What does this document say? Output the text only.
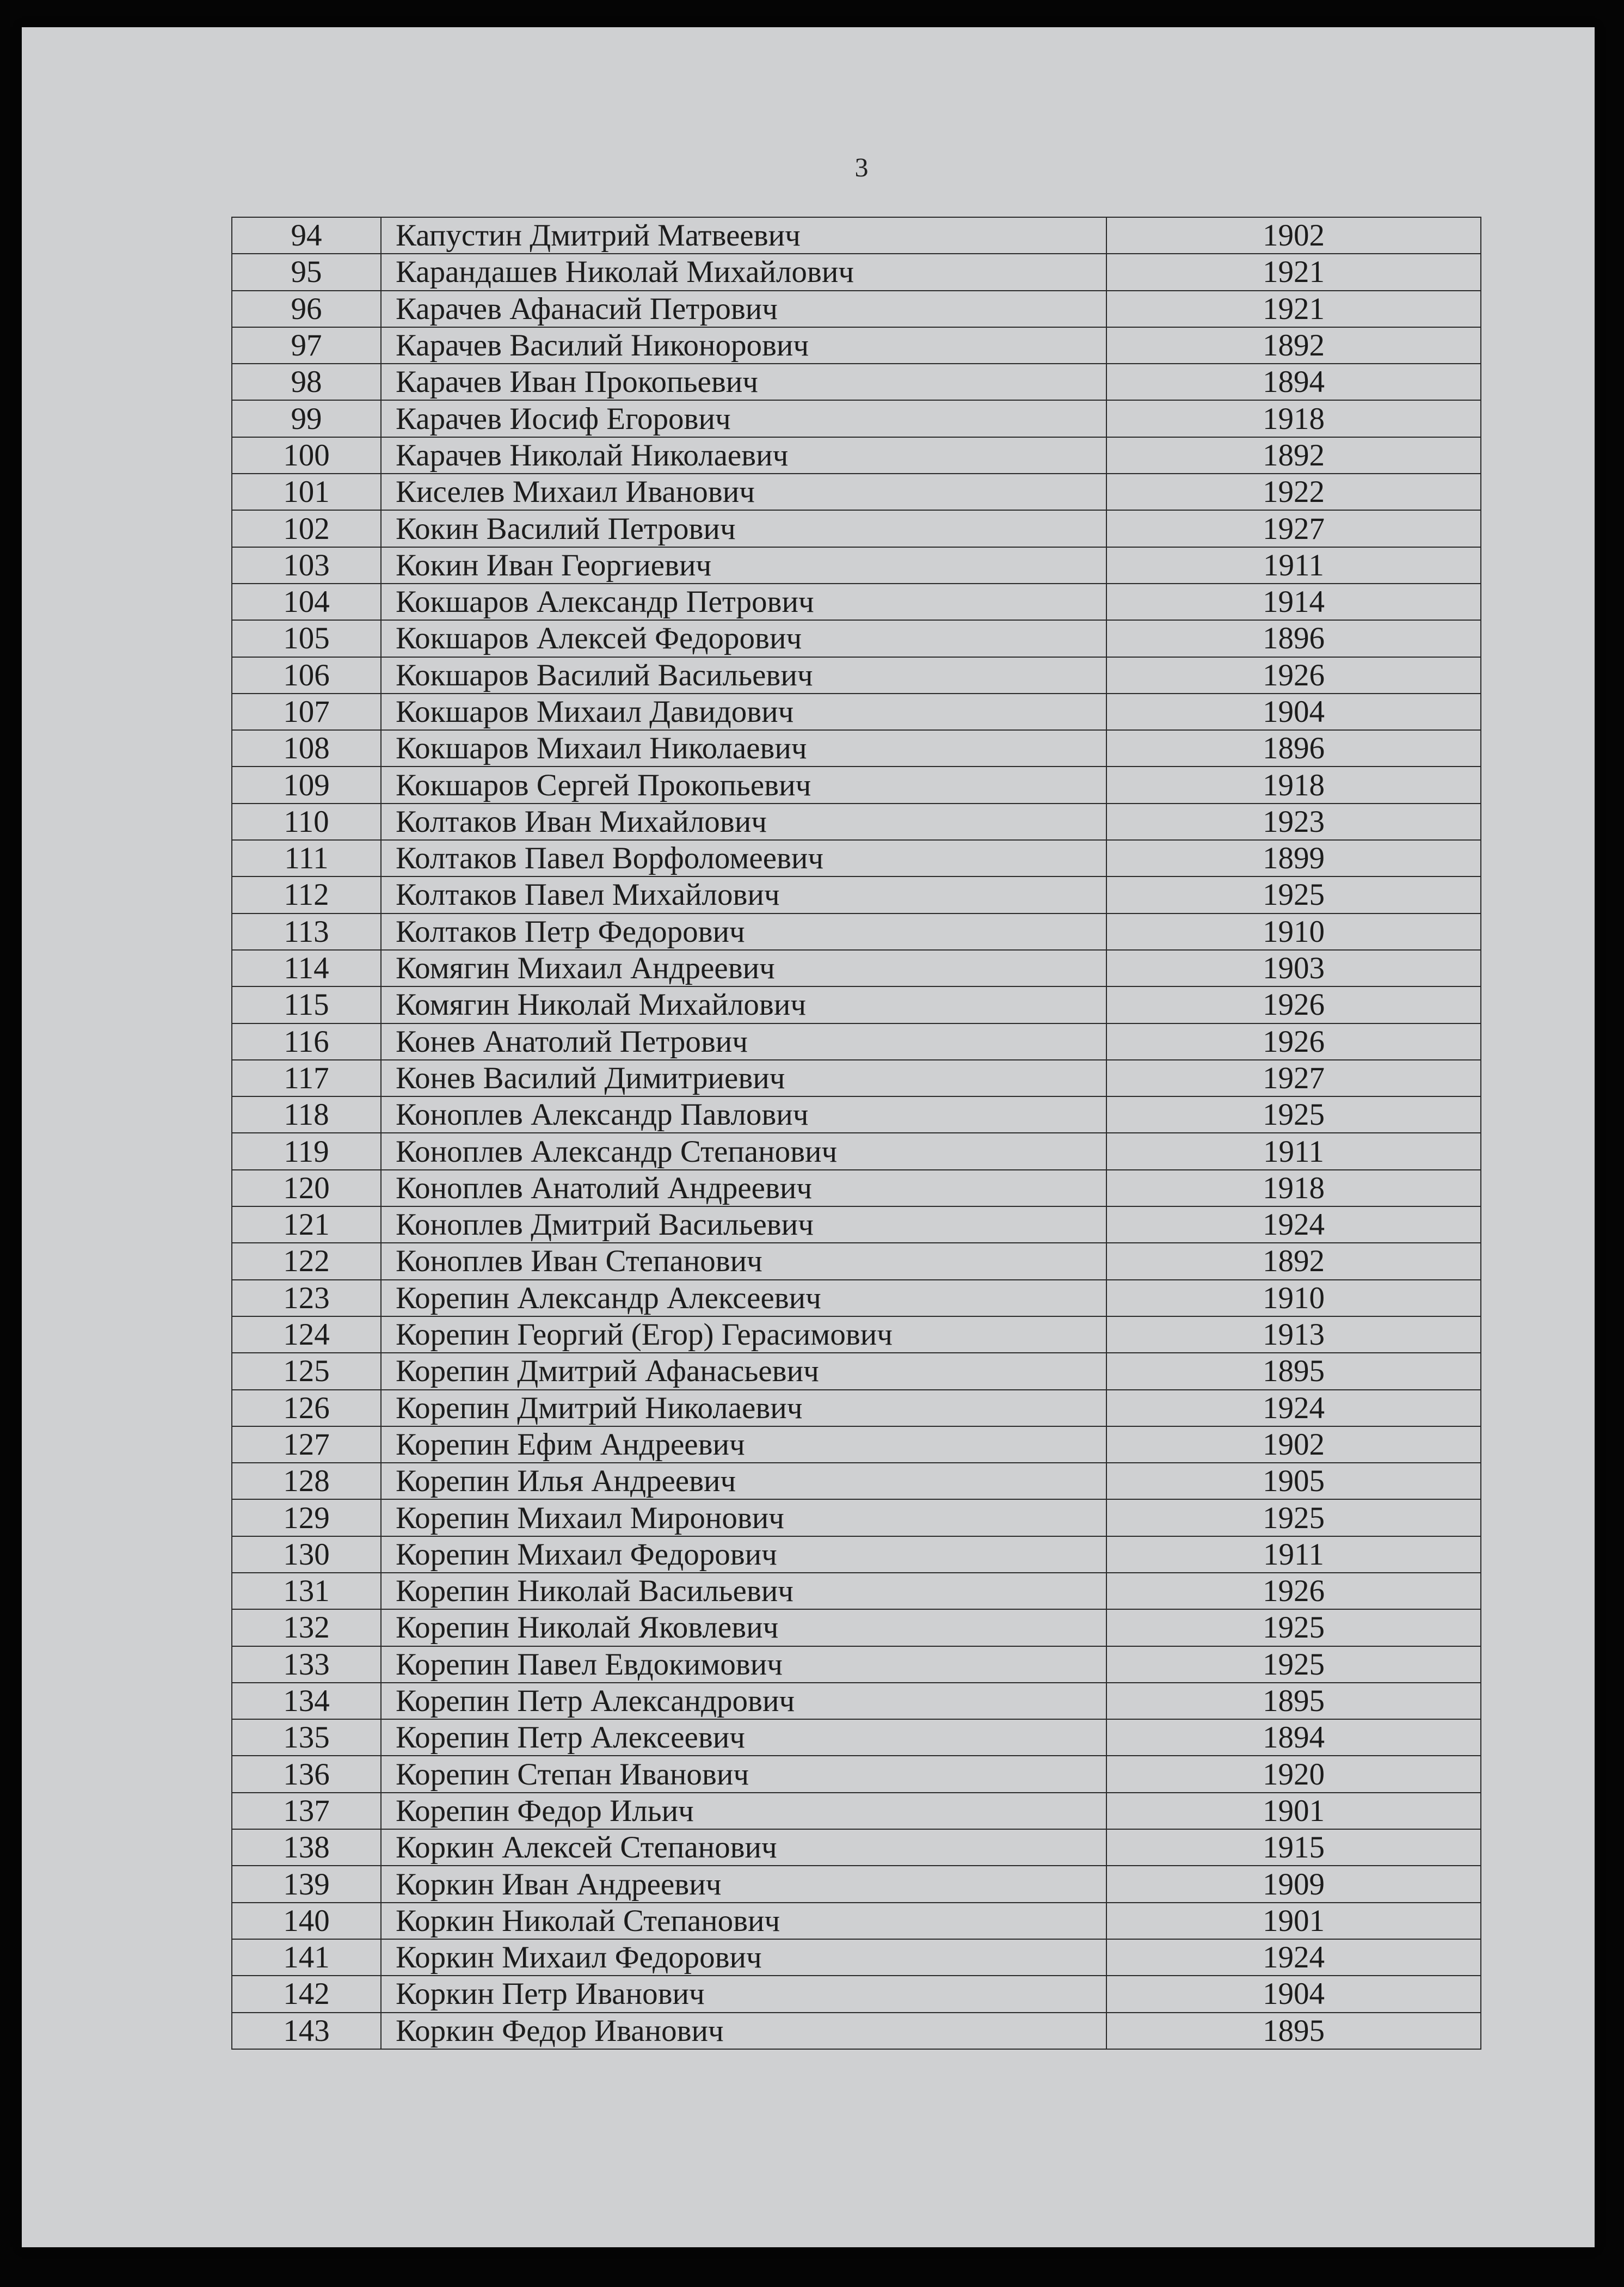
3
94	Капустин Дмитрий Матвеевич	1902
95	Карандашев Николай Михайлович	1921
96	Карачев Афанасий Петрович	1921
97	Карачев Василий Никонорович	1892
98	Карачев Иван Прокопьевич	1894
99	Карачев Иосиф Егорович	1918
100	Карачев Николай Николаевич	1892
101	Киселев Михаил Иванович	1922
102	Кокин Василий Петрович	1927
103	Кокин Иван Георгиевич	1911
104	Кокшаров Александр Петрович	1914
105	Кокшаров Алексей Федорович	1896
106	Кокшаров Василий Васильевич	1926
107	Кокшаров Михаил Давидович	1904
108	Кокшаров Михаил Николаевич	1896
109	Кокшаров Сергей Прокопьевич	1918
110	Колтаков Иван Михайлович	1923
111	Колтаков Павел Ворфоломеевич	1899
112	Колтаков Павел Михайлович	1925
113	Колтаков Петр Федорович	1910
114	Комягин Михаил Андреевич	1903
115	Комягин Николай Михайлович	1926
116	Конев Анатолий Петрович	1926
117	Конев Василий Димитриевич	1927
118	Коноплев Александр Павлович	1925
119	Коноплев Александр Степанович	1911
120	Коноплев Анатолий Андреевич	1918
121	Коноплев Дмитрий Васильевич	1924
122	Коноплев Иван Степанович	1892
123	Корепин Александр Алексеевич	1910
124	Корепин Георгий (Егор) Герасимович	1913
125	Корепин Дмитрий Афанасьевич	1895
126	Корепин Дмитрий Николаевич	1924
127	Корепин Ефим Андреевич	1902
128	Корепин Илья Андреевич	1905
129	Корепин Михаил Миронович	1925
130	Корепин Михаил Федорович	1911
131	Корепин Николай Васильевич	1926
132	Корепин Николай Яковлевич	1925
133	Корепин Павел Евдокимович	1925
134	Корепин Петр Александрович	1895
135	Корепин Петр Алексеевич	1894
136	Корепин Степан Иванович	1920
137	Корепин Федор Ильич	1901
138	Коркин Алексей Степанович	1915
139	Коркин Иван Андреевич	1909
140	Коркин Николай Степанович	1901
141	Коркин Михаил Федорович	1924
142	Коркин Петр Иванович	1904
143	Коркин Федор Иванович	1895
